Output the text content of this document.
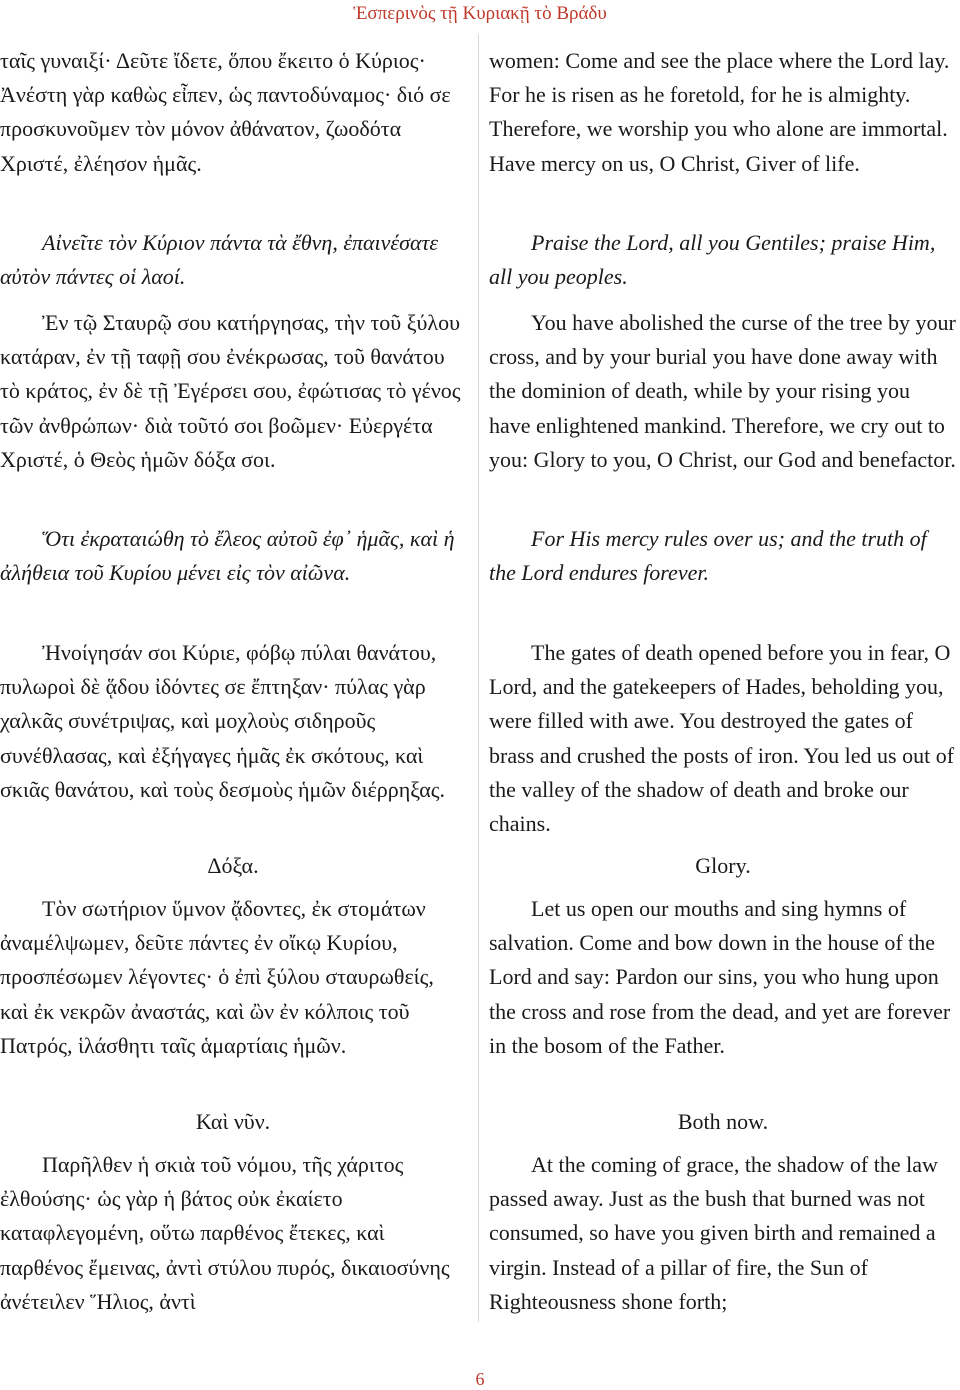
Ἑσπερινὸς τῇ Κυριακῇ τὸ Βράδυ

ταῖς γυναιξί· Δεῦτε ἴδετε, ὅπου ἔκειτο ὁ Κύριος· Ἀνέστη γὰρ καθὼς εἶπεν, ὡς παντοδύναμος· διό σε προσκυνοῦμεν τὸν μόνον ἀθάνατον, ζωοδότα Χριστέ, ἐλέησον ἡμᾶς.

Αἰνεῖτε τὸν Κύριον πάντα τὰ ἔθνη, ἐπαινέσατε αὐτὸν πάντες οἱ λαοί.

Ἐν τῷ Σταυρῷ σου κατήργησας, τὴν τοῦ ξύλου κατάραν, ἐν τῇ ταφῇ σου ἐνέκρωσας, τοῦ θανάτου τὸ κράτος, ἐν δὲ τῇ Ἐγέρσει σου, ἐφώτισας τὸ γένος τῶν ἀνθρώπων· διὰ τοῦτό σοι βοῶμεν· Εὐεργέτα Χριστέ, ὁ Θεὸς ἡμῶν δόξα σοι.

Ὅτι ἐκραταιώθη τὸ ἔλεος αὐτοῦ ἐφ᾽ ἡμᾶς, καὶ ἡ ἀλήθεια τοῦ Κυρίου μένει εἰς τὸν αἰῶνα.

Ἠνοίγησάν σοι Κύριε, φόβῳ πύλαι θανάτου, πυλωροὶ δὲ ᾅδου ἰδόντες σε ἔπτηξαν· πύλας γὰρ χαλκᾶς συνέτριψας, καὶ μοχλοὺς σιδηροῦς συνέθλασας, καὶ ἐξήγαγες ἡμᾶς ἐκ σκότους, καὶ σκιᾶς θανάτου, καὶ τοὺς δεσμοὺς ἡμῶν διέρρηξας.

Δόξα.

Τὸν σωτήριον ὕμνον ᾄδοντες, ἐκ στομάτων ἀναμέλψωμεν, δεῦτε πάντες ἐν οἴκῳ Κυρίου, προσπέσωμεν λέγοντες· ὁ ἐπὶ ξύλου σταυρωθείς, καὶ ἐκ νεκρῶν ἀναστάς, καὶ ὢν ἐν κόλποις τοῦ Πατρός, ἱλάσθητι ταῖς ἁμαρτίαις ἡμῶν.

Καὶ νῦν.

Παρῆλθεν ἡ σκιὰ τοῦ νόμου, τῆς χάριτος ἐλθούσης· ὡς γὰρ ἡ βάτος οὐκ ἐκαίετο καταφλεγομένη, οὕτω παρθένος ἔτεκες, καὶ παρθένος ἔμεινας, ἀντὶ στύλου πυρός, δικαιοσύνης ἀνέτειλεν Ἥλιος, ἀντὶ

women: Come and see the place where the Lord lay. For he is risen as he foretold, for he is almighty. Therefore, we worship you who alone are immortal. Have mercy on us, O Christ, Giver of life.

Praise the Lord, all you Gentiles; praise Him, all you peoples.

You have abolished the curse of the tree by your cross, and by your burial you have done away with the dominion of death, while by your rising you have enlightened mankind. Therefore, we cry out to you: Glory to you, O Christ, our God and benefactor.

For His mercy rules over us; and the truth of the Lord endures forever.

The gates of death opened before you in fear, O Lord, and the gatekeepers of Hades, beholding you, were filled with awe. You destroyed the gates of brass and crushed the posts of iron. You led us out of the valley of the shadow of death and broke our chains.

Glory.

Let us open our mouths and sing hymns of salvation. Come and bow down in the house of the Lord and say: Pardon our sins, you who hung upon the cross and rose from the dead, and yet are forever in the bosom of the Father.

Both now.

At the coming of grace, the shadow of the law passed away. Just as the bush that burned was not consumed, so have you given birth and remained a virgin. Instead of a pillar of fire, the Sun of Righteousness shone forth;

6
